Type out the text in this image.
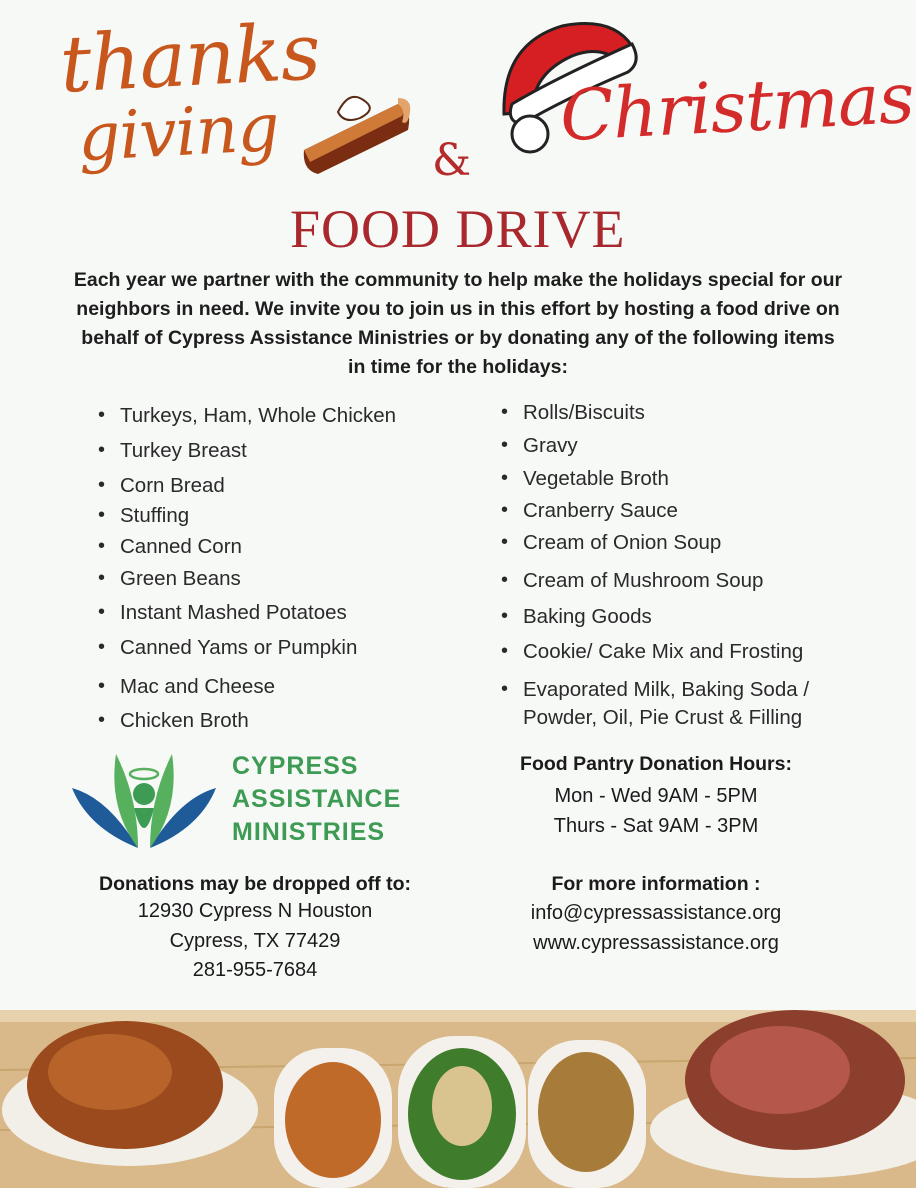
thanks
giving	&
Christmas
FOOD DRIVE
Each year we partner with the community to help make the holidays special for our neighbors in need. We invite you to join us in this effort by hosting a food drive on behalf of Cypress Assistance Ministries or by donating any of the following items in time for the holidays:
• Turkeys, Ham, Whole Chicken
• Turkey Breast
• Corn Bread
• Stuffing
• Canned Corn
• Green Beans
• Instant Mashed Potatoes
• Canned Yams or Pumpkin
• Mac and Cheese
• Chicken Broth
• Rolls/Biscuits
• Gravy
• Vegetable Broth
• Cranberry Sauce
• Cream of Onion Soup
• Cream of Mushroom Soup
• Baking Goods
• Cookie/ Cake Mix and Frosting
• Evaporated Milk, Baking Soda /
Powder, Oil, Pie Crust & Filling
CYPRESS
ASSISTANCE
MINISTRIES
Food Pantry Donation Hours:
Mon - Wed 9AM - 5PM
Thurs - Sat 9AM - 3PM
Donations may be dropped off to:
12930 Cypress N Houston
Cypress, TX 77429
281-955-7684
For more information :
info@cypressassistance.org
www.cypressassistance.org
